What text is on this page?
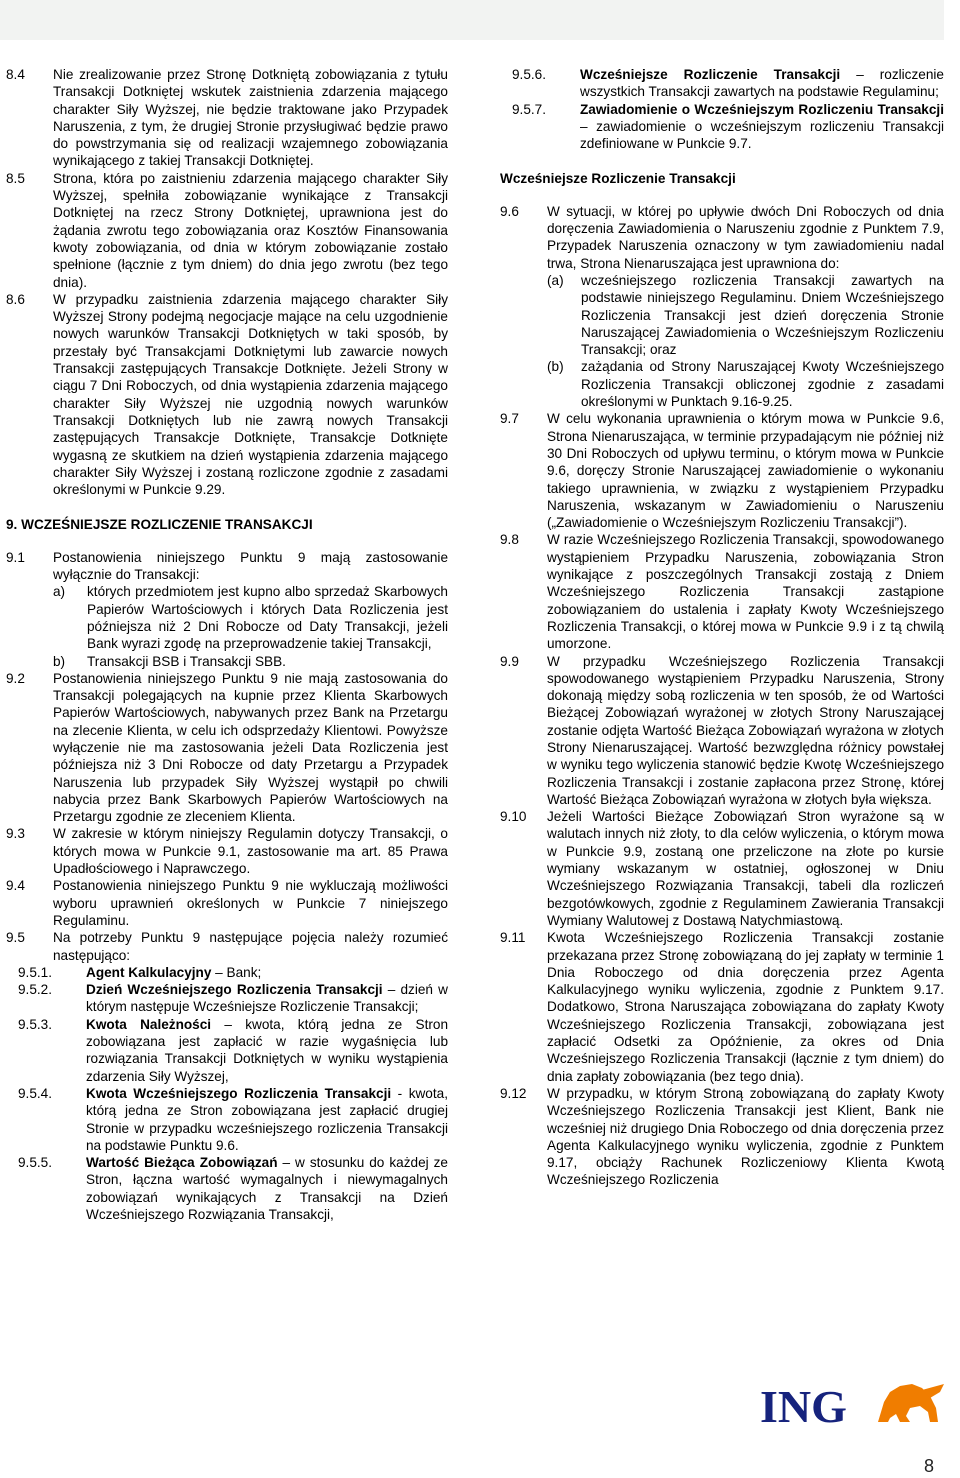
8.4	Nie zrealizowanie przez Stronę Dotkniętą zobowiązania z tytułu Transakcji Dotkniętej wskutek zaistnienia zdarzenia mającego charakter Siły Wyższej, nie będzie traktowane jako Przypadek Naruszenia, z tym, że drugiej Stronie przysługiwać będzie prawo do powstrzymania się od realizacji wzajemnego zobowiązania wynikającego z takiej Transakcji Dotkniętej.
8.5	Strona, która po zaistnieniu zdarzenia mającego charakter Siły Wyższej, spełniła zobowiązanie wynikające z Transakcji Dotkniętej na rzecz Strony Dotkniętej, uprawniona jest do żądania zwrotu tego zobowiązania oraz Kosztów Finansowania kwoty zobowiązania, od dnia w którym zobowiązanie zostało spełnione (łącznie z tym dniem) do dnia jego zwrotu (bez tego dnia).
8.6	W przypadku zaistnienia zdarzenia mającego charakter Siły Wyższej Strony podejmą negocjacje mające na celu uzgodnienie nowych warunków Transakcji Dotkniętych w taki sposób, by przestały być Transakcjami Dotkniętymi lub zawarcie nowych Transakcji zastępujących Transakcje Dotknięte. Jeżeli Strony w ciągu 7 Dni Roboczych, od dnia wystąpienia zdarzenia mającego charakter Siły Wyższej nie uzgodnią nowych warunków Transakcji Dotkniętych lub nie zawrą nowych Transakcji zastępujących Transakcje Dotknięte, Transakcje Dotknięte wygasną ze skutkiem na dzień wystąpienia zdarzenia mającego charakter Siły Wyższej i zostaną rozliczone zgodnie z zasadami określonymi w Punkcie 9.29.
9. WCZEŚNIEJSZE ROZLICZENIE TRANSAKCJI
9.1	Postanowienia niniejszego Punktu 9 mają zastosowanie wyłącznie do Transakcji:
a)	których przedmiotem jest kupno albo sprzedaż Skarbowych Papierów Wartościowych i których Data Rozliczenia jest późniejsza niż 2 Dni Robocze od Daty Transakcji, jeżeli Bank wyrazi zgodę na przeprowadzenie takiej Transakcji,
b)	Transakcji BSB i Transakcji SBB.
9.2	Postanowienia niniejszego Punktu 9 nie mają zastosowania do Transakcji polegających na kupnie przez Klienta Skarbowych Papierów Wartościowych, nabywanych przez Bank na Przetargu na zlecenie Klienta, w celu ich odsprzedaży Klientowi. Powyższe wyłączenie nie ma zastosowania jeżeli Data Rozliczenia jest późniejsza niż 3 Dni Robocze od daty Przetargu a Przypadek Naruszenia lub przypadek Siły Wyższej wystąpił po chwili nabycia przez Bank Skarbowych Papierów Wartościowych na Przetargu zgodnie ze zleceniem Klienta.
9.3	W zakresie w którym niniejszy Regulamin dotyczy Transakcji, o których mowa w Punkcie 9.1, zastosowanie ma art. 85 Prawa Upadłościowego i Naprawczego.
9.4	Postanowienia niniejszego Punktu 9 nie wykluczają możliwości wyboru uprawnień określonych w Punkcie 7 niniejszego Regulaminu.
9.5	Na potrzeby Punktu 9 następujące pojęcia należy rozumieć następująco:
9.5.1.	Agent Kalkulacyjny – Bank;
9.5.2.	Dzień Wcześniejszego Rozliczenia Transakcji – dzień w którym następuje Wcześniejsze Rozliczenie Transakcji;
9.5.3.	Kwota Należności – kwota, którą jedna ze Stron zobowiązana jest zapłacić w razie wygaśnięcia lub rozwiązania Transakcji Dotkniętych w wyniku wystąpienia zdarzenia Siły Wyższej,
9.5.4.	Kwota Wcześniejszego Rozliczenia Transakcji - kwota, którą jedna ze Stron zobowiązana jest zapłacić drugiej Stronie w przypadku wcześniejszego rozliczenia Transakcji na podstawie Punktu 9.6.
9.5.5.	Wartość Bieżąca Zobowiązań – w stosunku do każdej ze Stron, łączna wartość wymagalnych i niewymagalnych zobowiązań wynikających z Transakcji na Dzień Wcześniejszego Rozwiązania Transakcji,
9.5.6.	Wcześniejsze Rozliczenie Transakcji – rozliczenie wszystkich Transakcji zawartych na podstawie Regulaminu;
9.5.7.	Zawiadomienie o Wcześniejszym Rozliczeniu Transakcji – zawiadomienie o wcześniejszym rozliczeniu Transakcji zdefiniowane w Punkcie 9.7.
Wcześniejsze Rozliczenie Transakcji
9.6	W sytuacji, w której po upływie dwóch Dni Roboczych od dnia doręczenia Zawiadomienia o Naruszeniu zgodnie z Punktem 7.9, Przypadek Naruszenia oznaczony w tym zawiadomieniu nadal trwa, Strona Nienaruszająca jest uprawniona do:
(a)	wcześniejszego rozliczenia Transakcji zawartych na podstawie niniejszego Regulaminu. Dniem Wcześniejszego Rozliczenia Transakcji jest dzień doręczenia Stronie Naruszającej Zawiadomienia o Wcześniejszym Rozliczeniu Transakcji; oraz
(b)	zażądania od Strony Naruszającej Kwoty Wcześniejszego Rozliczenia Transakcji obliczonej zgodnie z zasadami określonymi w Punktach 9.16-9.25.
9.7	W celu wykonania uprawnienia o którym mowa w Punkcie 9.6, Strona Nienaruszająca, w terminie przypadającym nie później niż 30 Dni Roboczych od upływu terminu, o którym mowa w Punkcie 9.6, doręczy Stronie Naruszającej zawiadomienie o wykonaniu takiego uprawnienia, w związku z wystąpieniem Przypadku Naruszenia, wskazanym w Zawiadomieniu o Naruszeniu („Zawiadomienie o Wcześniejszym Rozliczeniu Transakcji”).
9.8	W razie Wcześniejszego Rozliczenia Transakcji, spowodowanego wystąpieniem Przypadku Naruszenia, zobowiązania Stron wynikające z poszczególnych Transakcji zostają z Dniem Wcześniejszego Rozliczenia Transakcji zastąpione zobowiązaniem do ustalenia i zapłaty Kwoty Wcześniejszego Rozliczenia Transakcji, o której mowa w Punkcie 9.9 i z tą chwilą umorzone.
9.9	W przypadku Wcześniejszego Rozliczenia Transakcji spowodowanego wystąpieniem Przypadku Naruszenia, Strony dokonają między sobą rozliczenia w ten sposób, że od Wartości Bieżącej Zobowiązań wyrażonej w złotych Strony Naruszającej zostanie odjęta Wartość Bieżąca Zobowiązań wyrażona w złotych Strony Nienaruszającej. Wartość bezwzględna różnicy powstałej w wyniku tego wyliczenia stanowić będzie Kwotę Wcześniejszego Rozliczenia Transakcji i zostanie zapłacona przez Stronę, której Wartość Bieżąca Zobowiązań wyrażona w złotych była większa.
9.10	Jeżeli Wartości Bieżące Zobowiązań Stron wyrażone są w walutach innych niż złoty, to dla celów wyliczenia, o którym mowa w Punkcie 9.9, zostaną one przeliczone na złote po kursie wymiany wskazanym w ostatniej, ogłoszonej w Dniu Wcześniejszego Rozwiązania Transakcji, tabeli dla rozliczeń bezgotówkowych, zgodnie z Regulaminem Zawierania Transakcji Wymiany Walutowej z Dostawą Natychmiastową.
9.11	Kwota Wcześniejszego Rozliczenia Transakcji zostanie przekazana przez Stronę zobowiązaną do jej zapłaty w terminie 1 Dnia Roboczego od dnia doręczenia przez Agenta Kalkulacyjnego wyniku wyliczenia, zgodnie z Punktem 9.17. Dodatkowo, Strona Naruszająca zobowiązana do zapłaty Kwoty Wcześniejszego Rozliczenia Transakcji, zobowiązana jest zapłacić Odsetki za Opóźnienie, za okres od Dnia Wcześniejszego Rozliczenia Transakcji (łącznie z tym dniem) do dnia zapłaty zobowiązania (bez tego dnia).
9.12	W przypadku, w którym Stroną zobowiązaną do zapłaty Kwoty Wcześniejszego Rozliczenia Transakcji jest Klient, Bank nie wcześniej niż drugiego Dnia Roboczego od dnia doręczenia przez Agenta Kalkulacyjnego wyniku wyliczenia, zgodnie z Punktem 9.17, obciąży Rachunek Rozliczeniowy Klienta Kwotą Wcześniejszego Rozliczenia
ING
8
